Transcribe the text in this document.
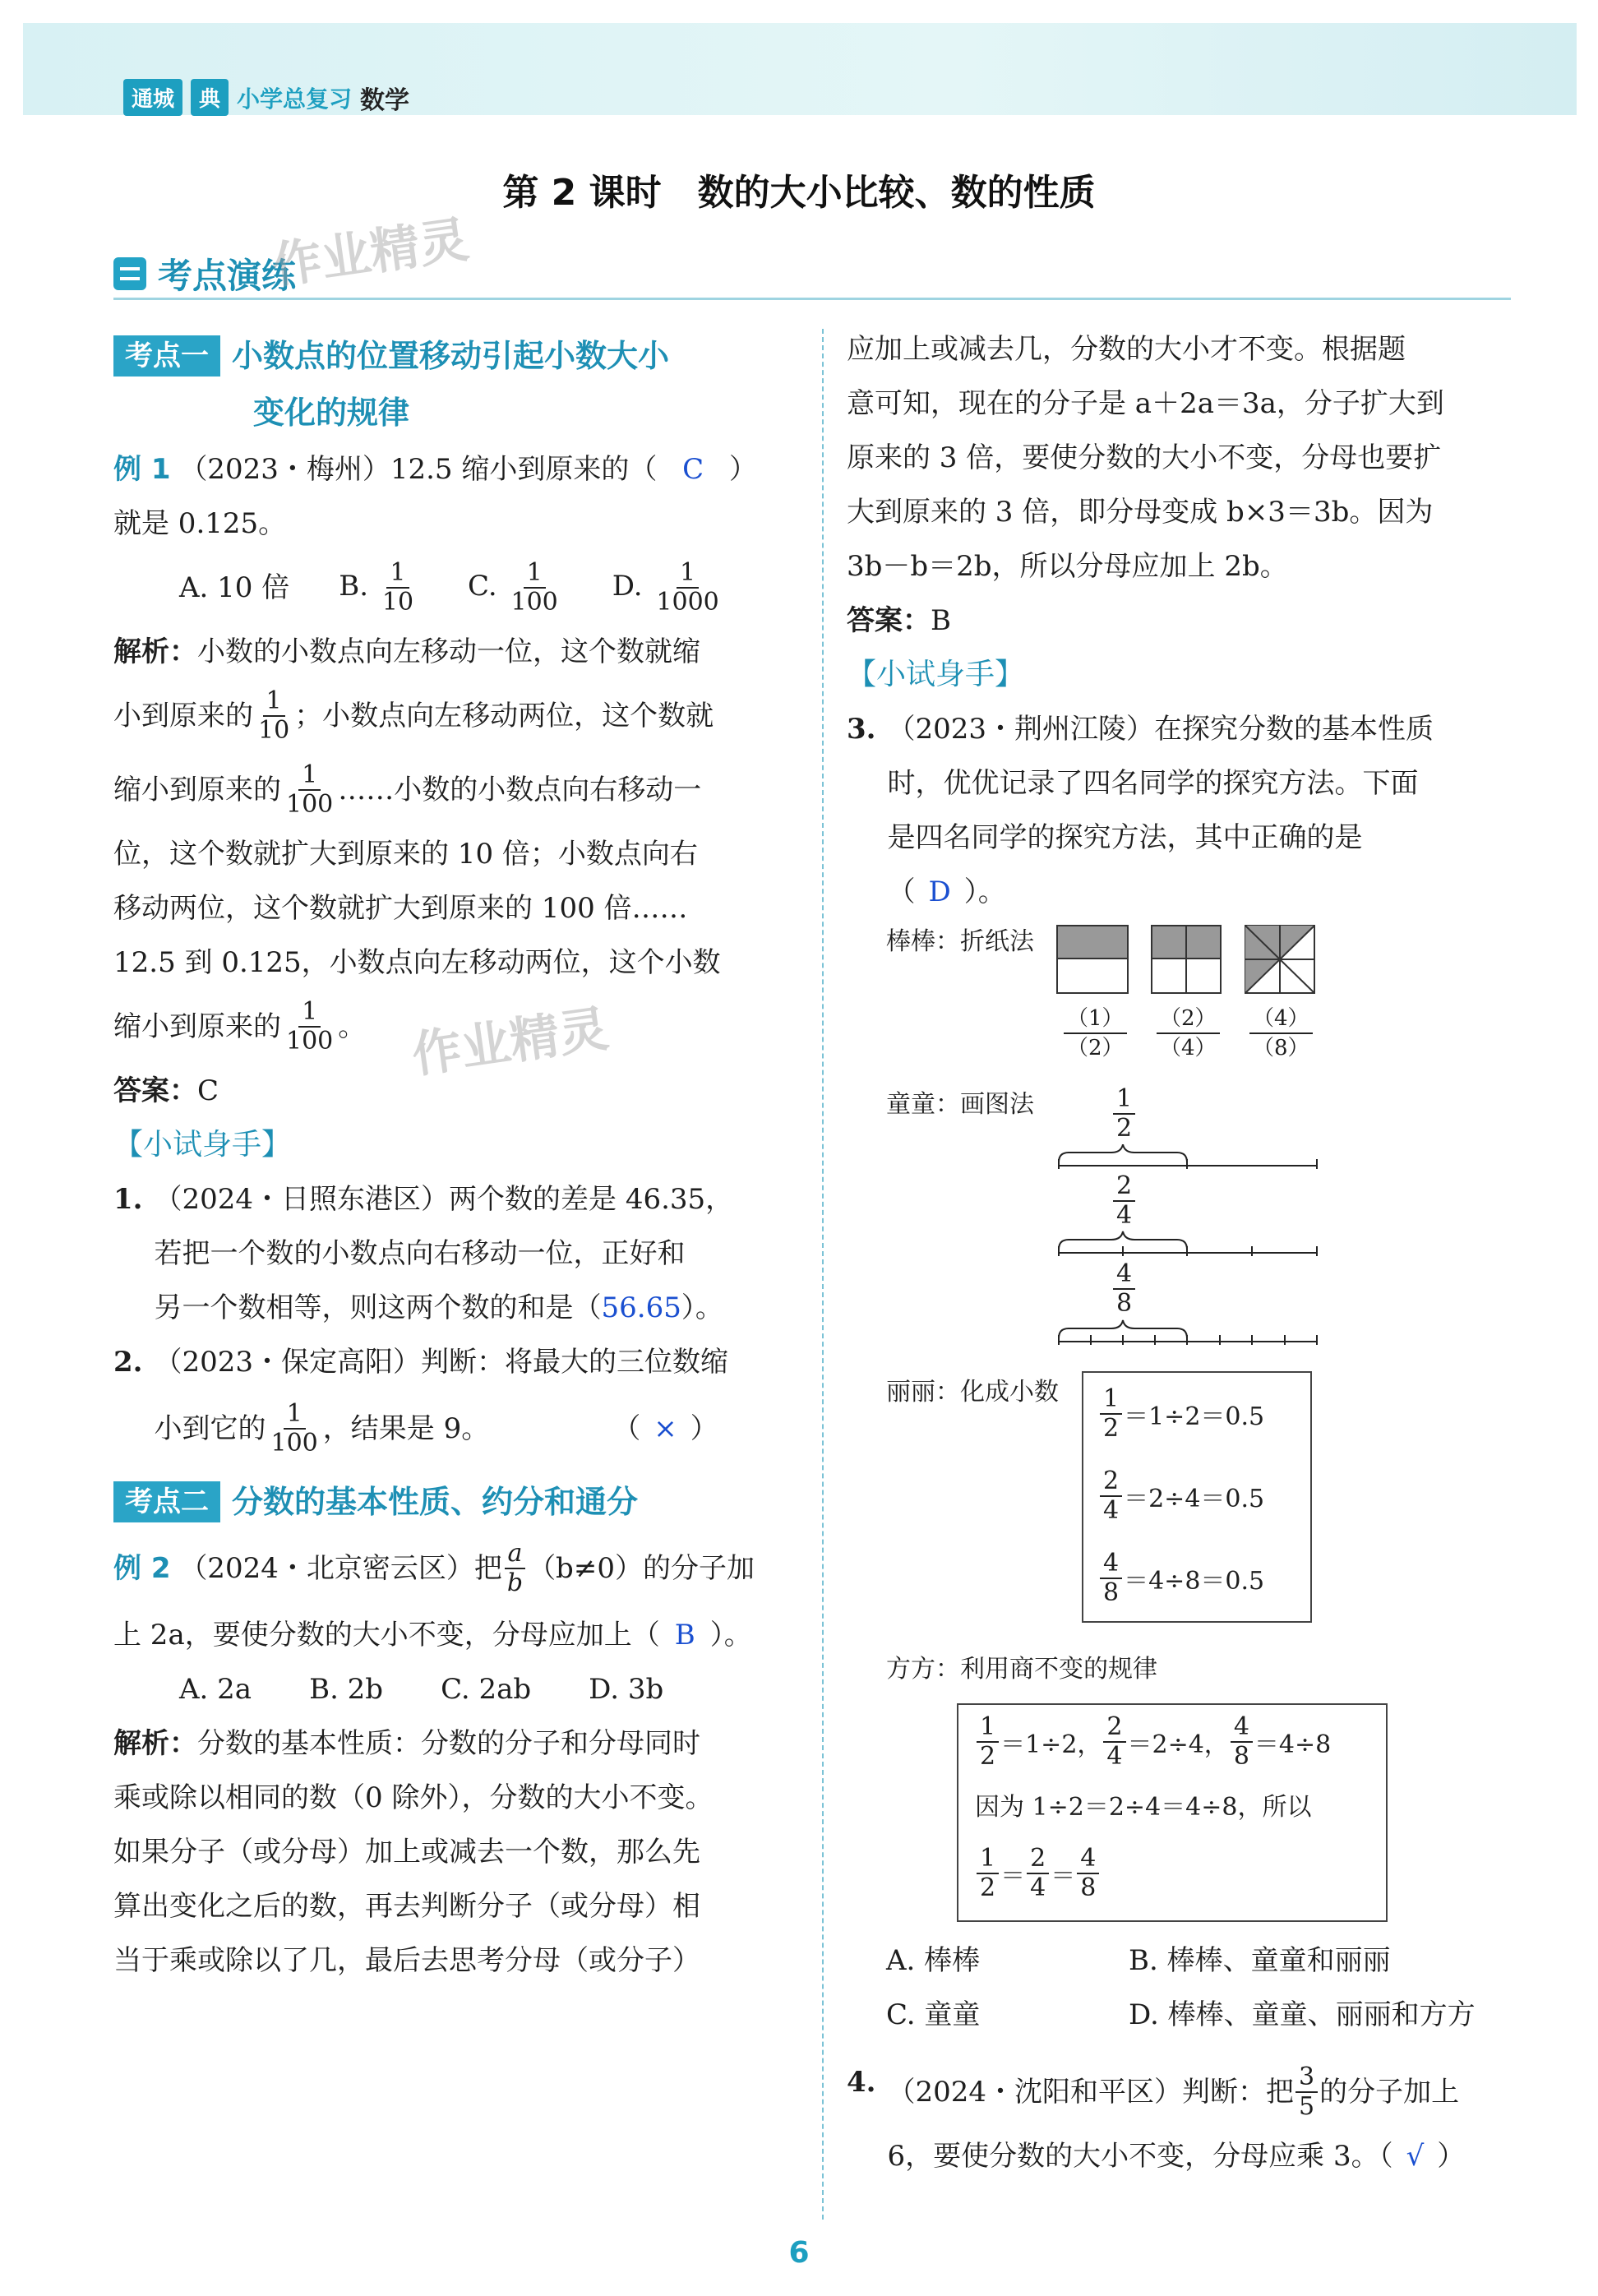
通城	典 小学总复习 数学
第 2 课时　数的大小比较、数的性质
考点演练
作业精灵
作业精灵
考点一 小数点的位置移动引起小数大小
变化的规律
例 1 （2023・梅州）12.5 缩小到原来的（ C ）
就是 0.125。
A. 10 倍 B. $\frac{1}{10} C$. $\frac{1}{100} D$. $\frac{1}{1000}$
解析：小数的小数点向左移动一位，这个数就缩
小到原来的 $\frac{1}{10}$ ；小数点向左移动两位，这个数就
缩小到原来的 $\frac{1}{100}$ ……小数的小数点向右移动一
位，这个数就扩大到原来的 10 倍；小数点向右
移动两位，这个数就扩大到原来的 100 倍……
12.5 到 0.125，小数点向左移动两位，这个小数
缩小到原来的 $\frac{1}{100}$ 。
答案：C
【小试身手】
1. （2024・日照东港区）两个数的差是 46.35，
若把一个数的小数点向右移动一位，正好和
另一个数相等，则这两个数的和是（56.65）。
2. （2023・保定高阳）判断：将最大的三位数缩
小到它的 $\frac{1}{100}$ ，结果是 9。	（ × ）
考点二 分数的基本性质、约分和通分
例 2
（2024・北京密云区）把 $\frac{a}{b} (b\ne 0)$的分子加
上 2a，要使分数的大小不变，分母应加上（ B ）。
A. 2a B. 2b C. 2ab D. 3b
解析：分数的基本性质：分数的分子和分母同时
乘或除以相同的数（0 除外），分数的大小不变。
如果分子（或分母）加上或减去一个数，那么先
算出变化之后的数，再去判断分子（或分母）相
当于乘或除以了几，最后去思考分母（或分子）
应加上或减去几，分数的大小才不变。根据题
意可知，现在的分子是 a＋2a＝3a，分子扩大到
原来的 3 倍，要使分数的大小不变，分母也要扩
大到原来的 3 倍，即分母变成 b×3＝3b。因为
3b－b＝2b，所以分母应加上 2b。
答案：B
【小试身手】
3. （2023・荆州江陵）在探究分数的基本性质
时，优优记录了四名同学的探究方法。下面
是四名同学的探究方法，其中正确的是
（ D ）。
棒棒：折纸法
$\frac{(1)}{(2)} \frac{(2)}{(4)} \frac{(4)}{(8)}$
童童：画图法	$\frac{1}{2}$
$\frac{2}{4}$
$\frac{4}{8}$
丽丽：化成小数 $\frac{1}{2} =1\div 2=0.5$
$\frac{2}{4} =2\div 4=0.5$
$\frac{4}{8} =4\div 8=0.5$
方方：利用商不变的规律
$\frac{1}{2} =1\div 2$， $\frac{2}{4} =2\div 4$， $\frac{4}{8} =4\div 8$
因为 1÷2＝2÷4＝4÷8，所以
$\frac{1}{2} = \frac{2}{4} = \frac{4}{8}$
A. 棒棒	B. 棒棒、童童和丽丽
C. 童童	D. 棒棒、童童、丽丽和方方
4. （2024・沈阳和平区）判断：把 $\frac{3}{5}$ 的分子加上
6，要使分数的大小不变，分母应乘 3。（ √ ）
6
